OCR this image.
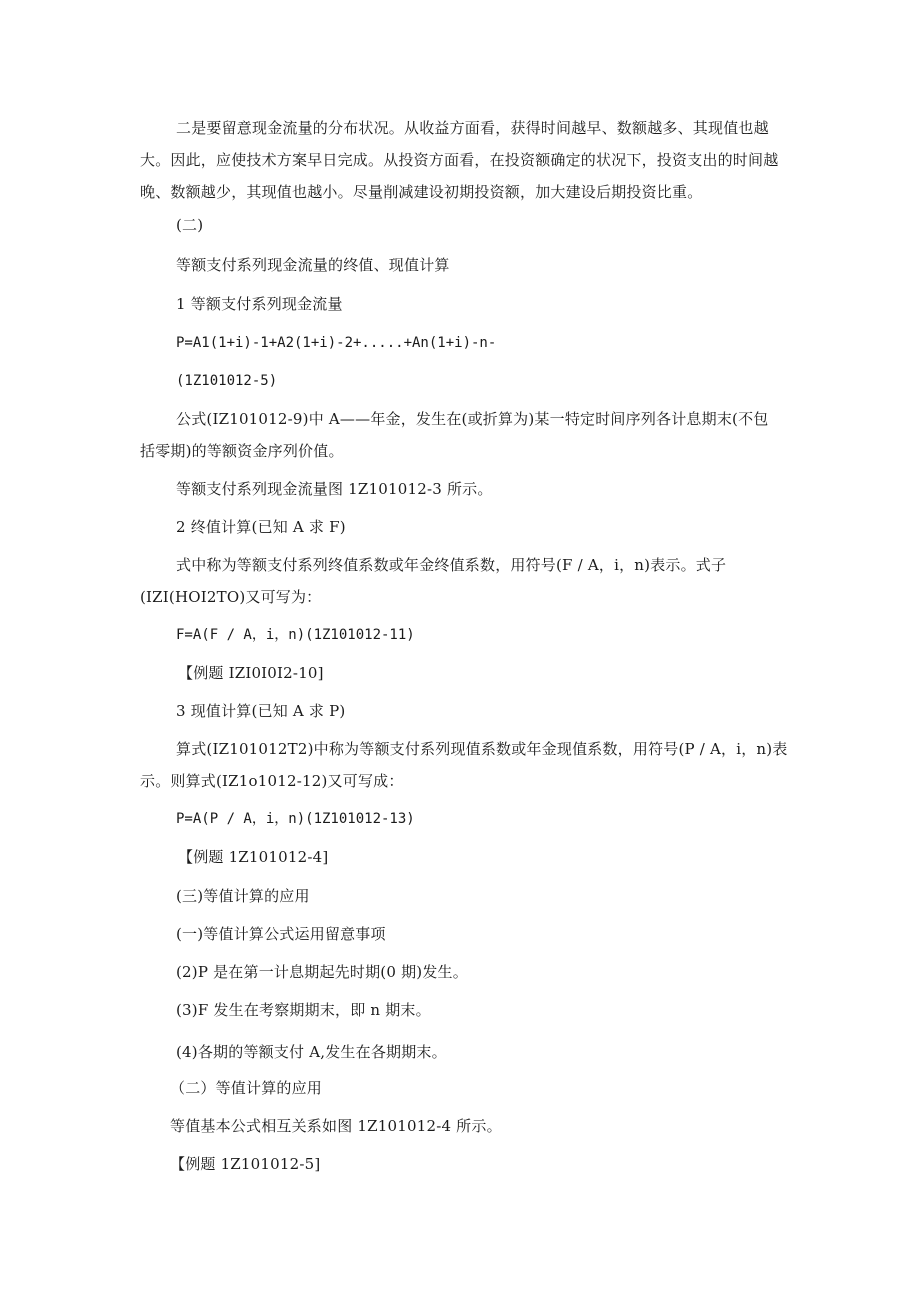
二是要留意现金流量的分布状况。从收益方面看，获得时间越早、数额越多、其现值也越
大。因此，应使技术方案早日完成。从投资方面看，在投资额确定的状况下，投资支出的时间越
晚、数额越少，其现值也越小。尽量削减建设初期投资额，加大建设后期投资比重。
(二)
等额支付系列现金流量的终值、现值计算
1 等额支付系列现金流量
P=A1(1+i)-1+A2(1+i)-2+.....+An(1+i)-n-
(1Z101012-5)
公式(IZ101012-9)中 A——年金，发生在(或折算为)某一特定时间序列各计息期末(不包
括零期)的等额资金序列价值。
等额支付系列现金流量图 1Z101012-3 所示。
2 终值计算(已知 A 求 F)
式中称为等额支付系列终值系数或年金终值系数，用符号(F / A，i，n)表示。式子
(IZI(HOI2TO)又可写为：
F=A(F / A，i，n)(1Z101012-11)
【例题 IZI0I0I2-10]
3 现值计算(已知 A 求 P)
算式(IZ101012T2)中称为等额支付系列现值系数或年金现值系数，用符号(P / A，i，n)表
示。则算式(IZ1o1012-12)又可写成：
P=A(P / A，i，n)(1Z101012-13)
【例题 1Z101012-4]
(三)等值计算的应用
(一)等值计算公式运用留意事项
(2)P 是在第一计息期起先时期(0 期)发生。
(3)F 发生在考察期期末，即 n 期末。
(4)各期的等额支付 A,发生在各期期末。
（二）等值计算的应用
等值基本公式相互关系如图 1Z101012-4 所示。
【例题 1Z101012-5]
